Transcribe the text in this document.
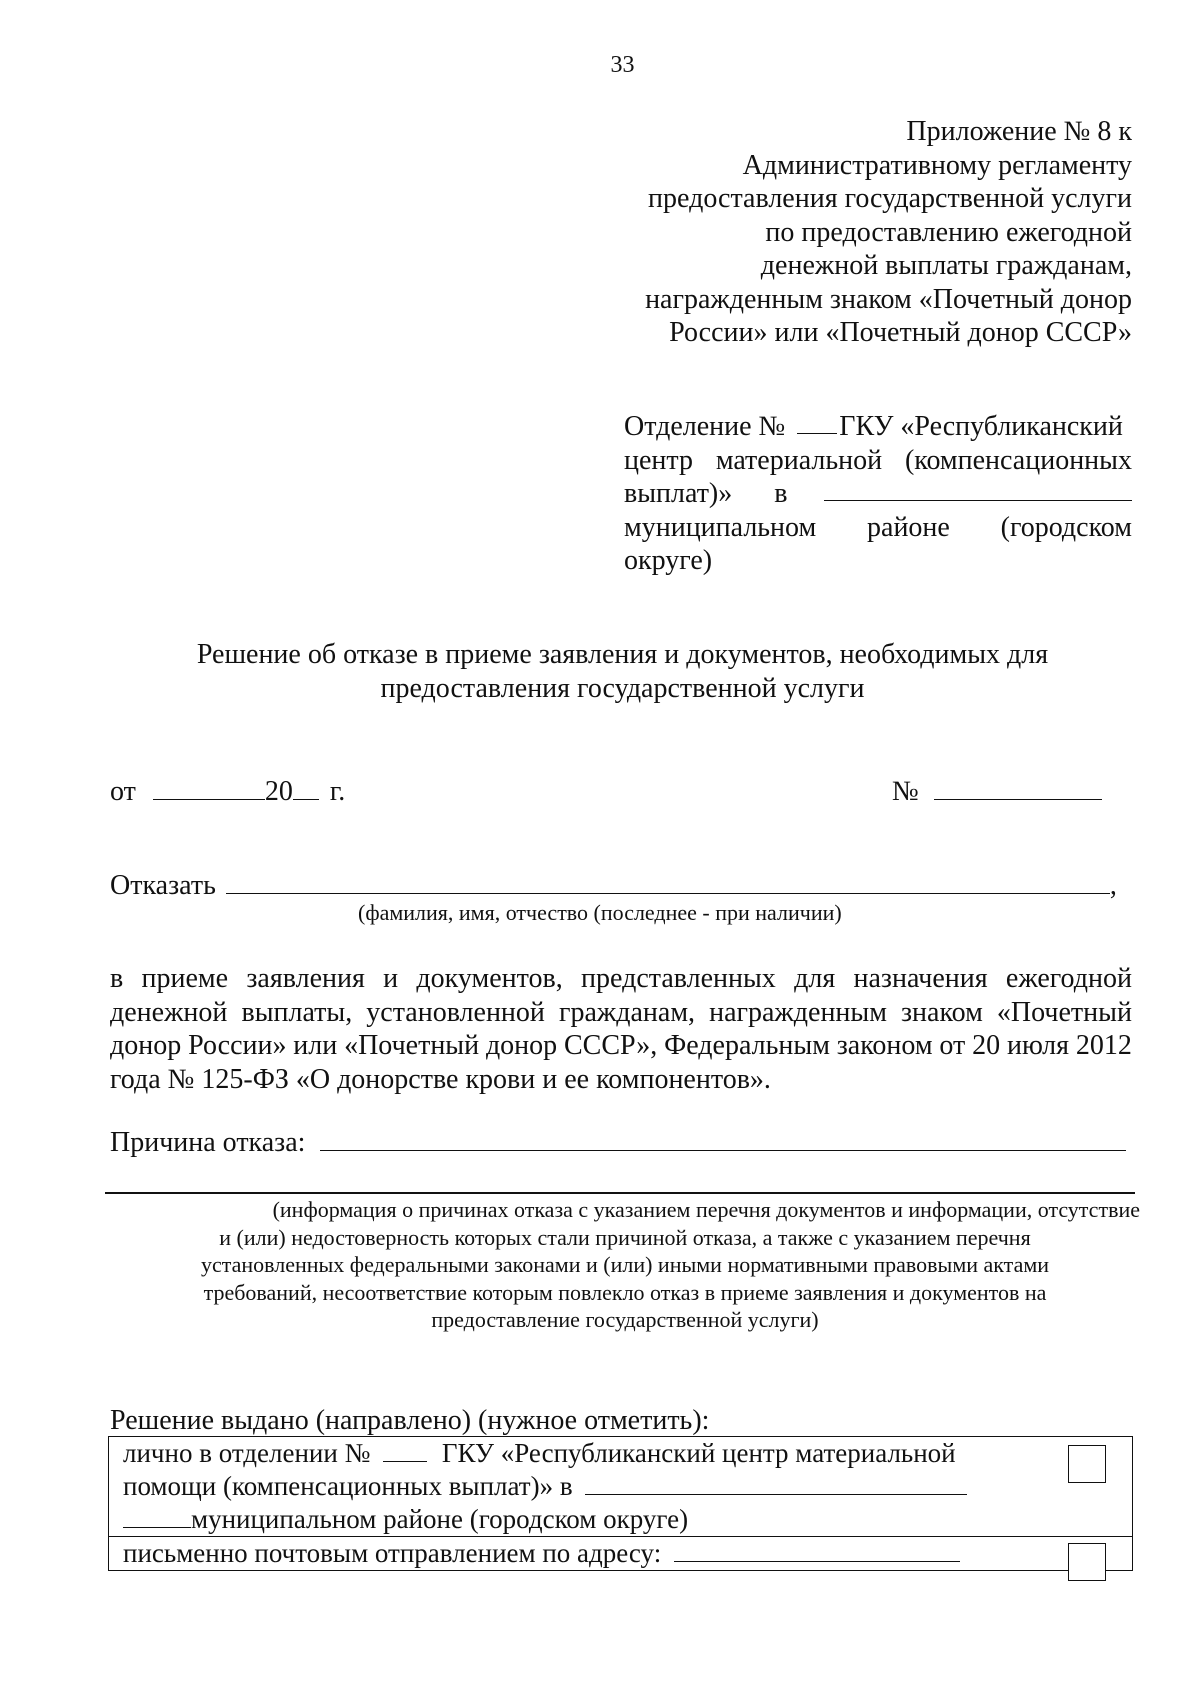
33
Приложение № 8 к
Административному регламенту
предоставления государственной услуги
по предоставлению ежегодной
денежной выплаты гражданам,
награжденным знаком «Почетный донор
России» или «Почетный донор СССР»
Отделение № ГКУ «Республиканский
центр материальной (компенсационных
выплат)» в
муниципальном районе (городском
округе)
Решение об отказе в приеме заявления и документов, необходимых для
предоставления государственной услуги
от	20 г.	№
Отказать	,
(фамилия, имя, отчество (последнее - при наличии)
в приеме заявления и документов, представленных для назначения ежегодной
денежной выплаты, установленной гражданам, награжденным знаком «Почетный
донор России» или «Почетный донор СССР», Федеральным законом от 20 июля 2012
года № 125-ФЗ «О донорстве крови и ее компонентов».
Причина отказа:
(информация о причинах отказа с указанием перечня документов и информации, отсутствие
и (или) недостоверность которых стали причиной отказа, а также с указанием перечня
установленных федеральными законами и (или) иными нормативными правовыми актами
требований, несоответствие которым повлекло отказ в приеме заявления и документов на
предоставление государственной услуги)
Решение выдано (направлено) (нужное отметить):
лично в отделении №	ГКУ «Республиканский центр материальной
помощи (компенсационных выплат)» в
муниципальном районе (городском округе)
письменно почтовым отправлением по адресу:
